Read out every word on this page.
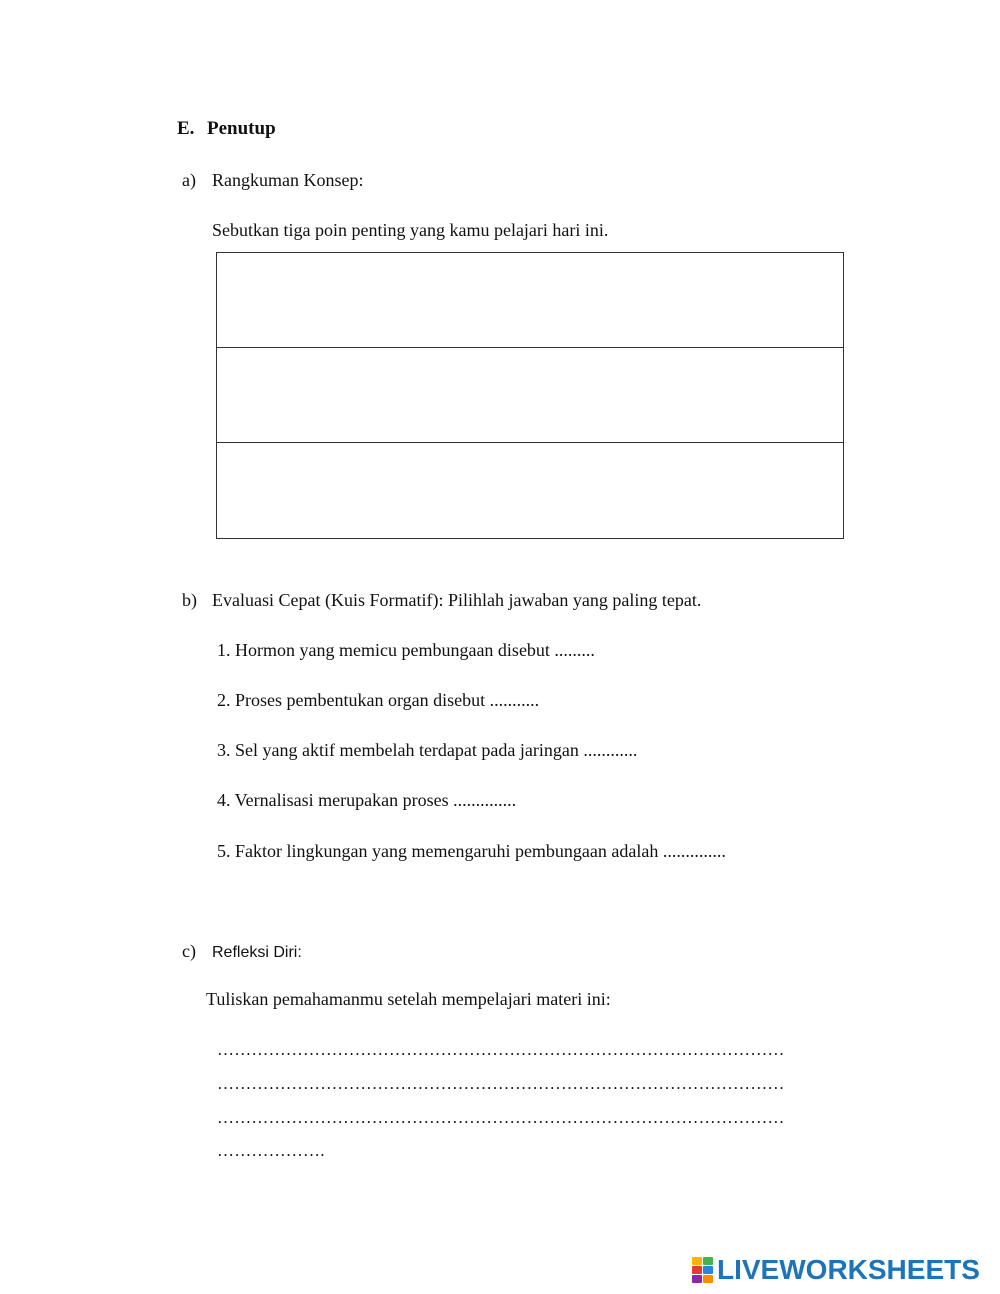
E. Penutup
a) Rangkuman Konsep:
Sebutkan tiga poin penting yang kamu pelajari hari ini.
b) Evaluasi Cepat (Kuis Formatif): Pilihlah jawaban yang paling tepat.
1. Hormon yang memicu pembungaan disebut .........
2. Proses pembentukan organ disebut ...........
3. Sel yang aktif membelah terdapat pada jaringan ............
4. Vernalisasi merupakan proses ..............
5. Faktor lingkungan yang memengaruhi pembungaan adalah ..............
c) Refleksi Diri:
Tuliskan pemahamanmu setelah mempelajari materi ini:
………………………………………………………………………………………
………………………………………………………………………………………
………………………………………………………………………………………
……………….
LIVEWORKSHEETS
